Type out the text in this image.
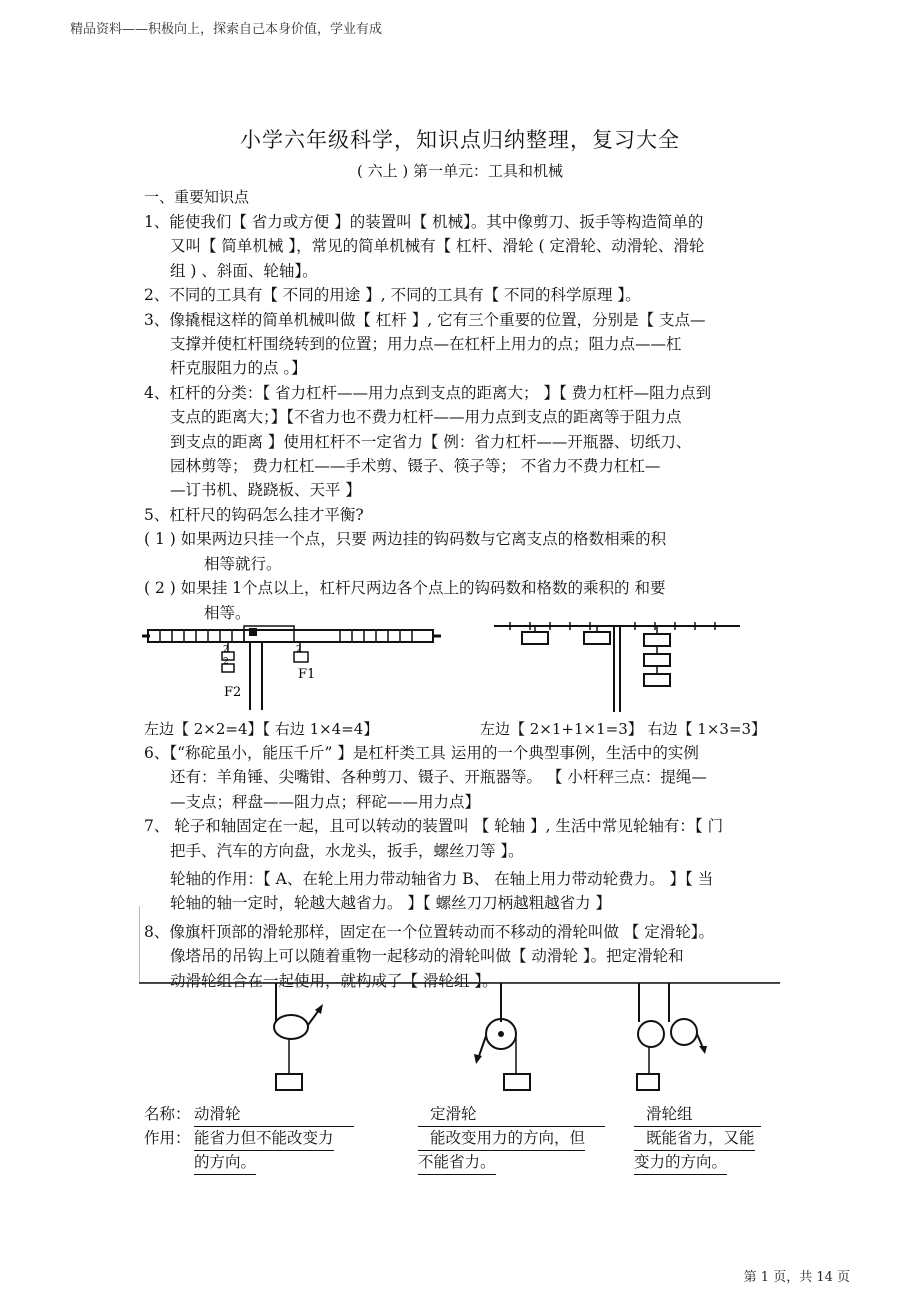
精品资料——积极向上，探索自己本身价值，学业有成
小学六年级科学，知识点归纳整理，复习大全
( 六上 ) 第一单元：工具和机械
一、重要知识点
1、能使我们【 省力或方便 】的装置叫【 机械】。其中像剪刀、扳手等构造简单的
又叫【 简单机械 】，常见的简单机械有【 杠杆、滑轮 ( 定滑轮、动滑轮、滑轮
组 ) 、斜面、轮轴】。
2、不同的工具有【 不同的用途 】, 不同的工具有【 不同的科学原理 】。
3、像撬棍这样的简单机械叫做【 杠杆 】, 它有三个重要的位置，分别是【 支点—
支撑并使杠杆围绕转到的位置；用力点—在杠杆上用力的点；阻力点——杠
杆克服阻力的点 。】
4、杠杆的分类：【 省力杠杆——用力点到支点的距离大； 】【 费力杠杆—阻力点到
支点的距离大；】【不省力也不费力杠杆——用力点到支点的距离等于阻力点
到支点的距离 】使用杠杆不一定省力【 例：省力杠杆——开瓶器、切纸刀、
园林剪等； 费力杠杠——手术剪、镊子、筷子等； 不省力不费力杠杠—
—订书机、跷跷板、天平 】
5、杠杆尺的钩码怎么挂才平衡?
( 1 ) 如果两边只挂一个点，只要 两边挂的钩码数与它离支点的格数相乘的积
相等就行。
( 2 ) 如果挂 1个点以上，杠杆尺两边各个点上的钩码数和格数的乘积的 和要
相等。
2
2
2
F2
F1
左边【 2×2=4】【 右边 1×4=4】	左边【 2×1+1×1=3】 右边【 1×3=3】
6、【“称砣虽小，能压千斤” 】是杠杆类工具 运用的一个典型事例，生活中的实例
还有：羊角锤、尖嘴钳、各种剪刀、镊子、开瓶器等。 【 小杆秤三点：提绳—
—支点；秤盘——阻力点；秤砣——用力点】
7、 轮子和轴固定在一起，且可以转动的装置叫 【 轮轴 】, 生活中常见轮轴有：【 门
把手、汽车的方向盘，水龙头，扳手，螺丝刀等 】。
轮轴的作用：【 A、在轮上用力带动轴省力 B、 在轴上用力带动轮费力。 】【 当
轮轴的轴一定时，轮越大越省力。 】【 螺丝刀刀柄越粗越省力 】
8、像旗杆顶部的滑轮那样，固定在一个位置转动而不移动的滑轮叫做 【 定滑轮】。
像塔吊的吊钩上可以随着重物一起移动的滑轮叫做【 动滑轮 】。把定滑轮和
动滑轮组合在一起使用，就构成了【 滑轮组 】。
名称： 动滑轮	定滑轮	滑轮组
作用： 能省力但不能改变力	能改变用力的方向，但	既能省力，又能
的方向。	不能省力。	变力的方向。
第 1 页，共 14 页
